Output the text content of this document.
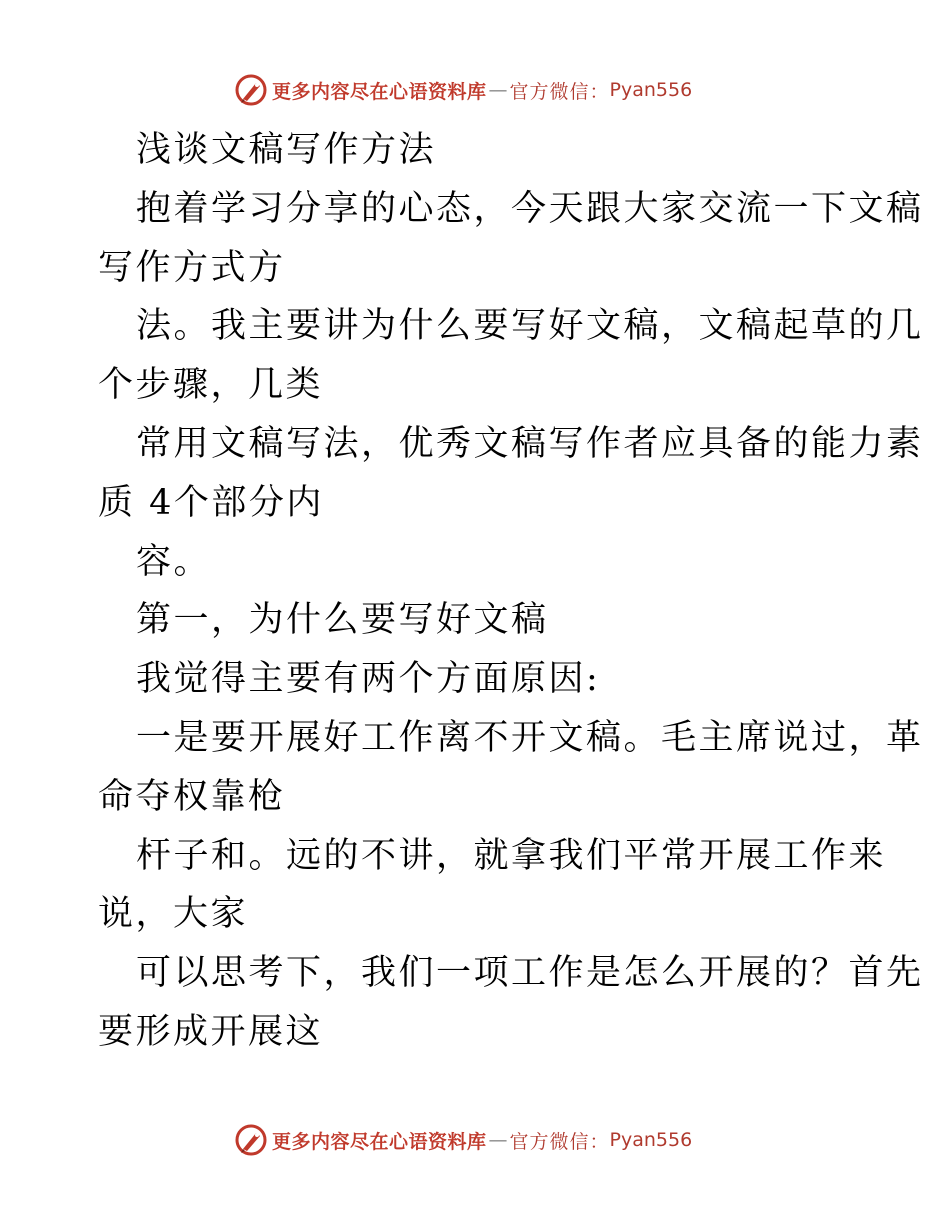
更多内容尽在心语资料库 — 官方微信： Pyan556
浅谈文稿写作方法
抱着学习分享的心态，今天跟大家交流一下文稿
写作方式方
法。我主要讲为什么要写好文稿，文稿起草的几
个步骤，几类
常用文稿写法，优秀文稿写作者应具备的能力素
质 4个部分内
容。
第一，为什么要写好文稿
我觉得主要有两个方面原因:
一是要开展好工作离不开文稿。毛主席说过，革
命夺权靠枪
杆子和。远的不讲，就拿我们平常开展工作来
说，大家
可以思考下，我们一项工作是怎么开展的？首先
要形成开展这
更多内容尽在心语资料库 — 官方微信： Pyan556
